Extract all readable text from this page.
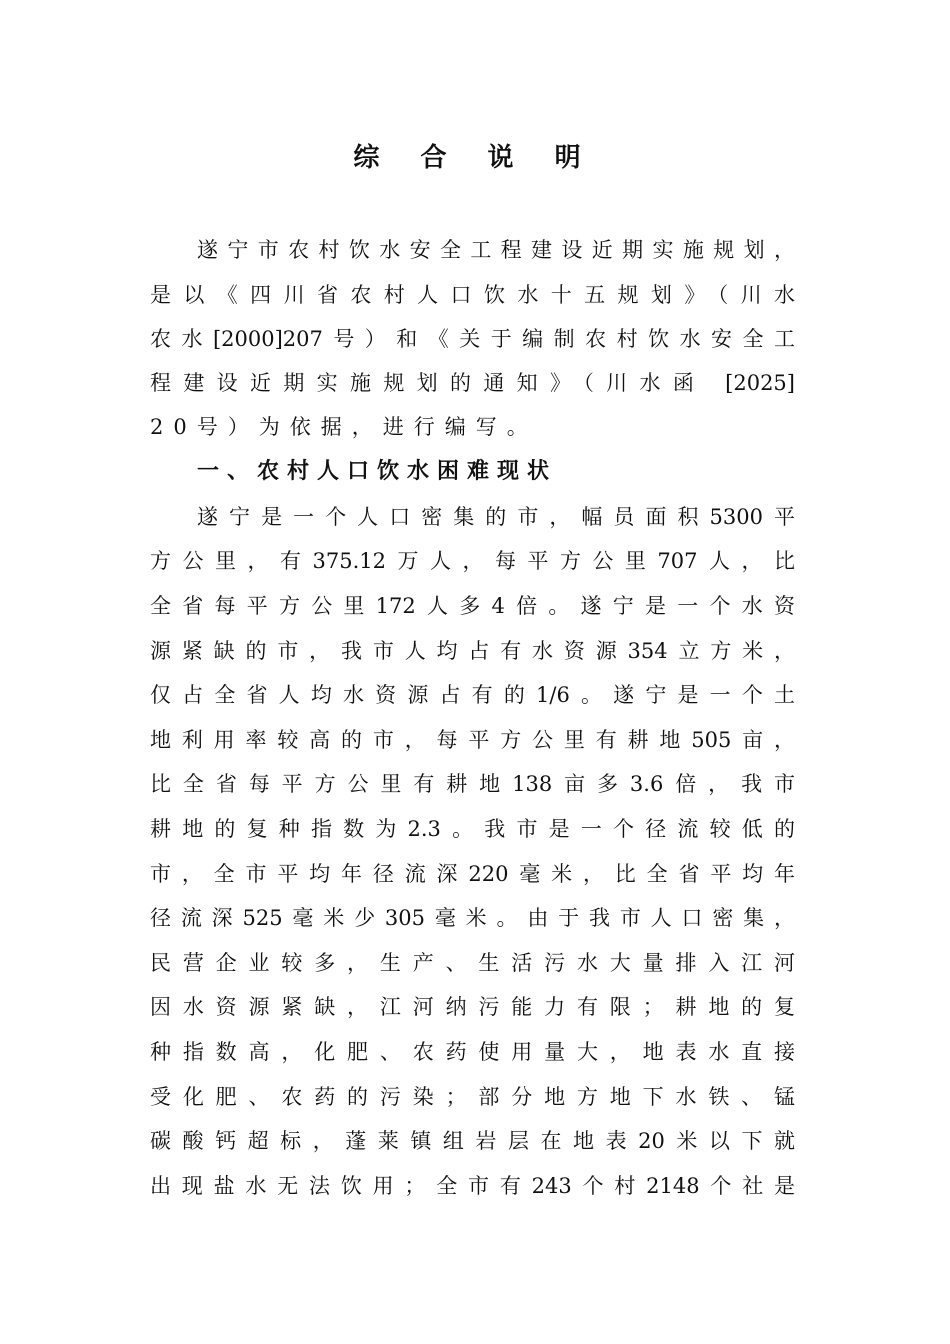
综 合 说 明
遂宁市农村饮水安全工程建设近期实施规划，
是以《四川省农村人口饮水十五规划》（川水
农水[2000]207号）和《关于编制农村饮水安全工
程建设近期实施规划的通知》（川水函 [2025]
20号）为依据，进行编写。
一、农村人口饮水困难现状
遂宁是一个人口密集的市，幅员面积5300平
方公里，有375.12万人，每平方公里707人，比
全省每平方公里172人多4倍。遂宁是一个水资
源紧缺的市，我市人均占有水资源354立方米，
仅占全省人均水资源占有的1/6。遂宁是一个土
地利用率较高的市，每平方公里有耕地505亩，
比全省每平方公里有耕地138亩多3.6倍，我市
耕地的复种指数为2.3。我市是一个径流较低的
市，全市平均年径流深220毫米，比全省平均年
径流深525毫米少305毫米。由于我市人口密集，
民营企业较多，生产、生活污水大量排入江河
因水资源紧缺，江河纳污能力有限；耕地的复
种指数高，化肥、农药使用量大，地表水直接
受化肥、农药的污染；部分地方地下水铁、锰
碳酸钙超标，蓬莱镇组岩层在地表20米以下就
出现盐水无法饮用；全市有243个村2148个社是
